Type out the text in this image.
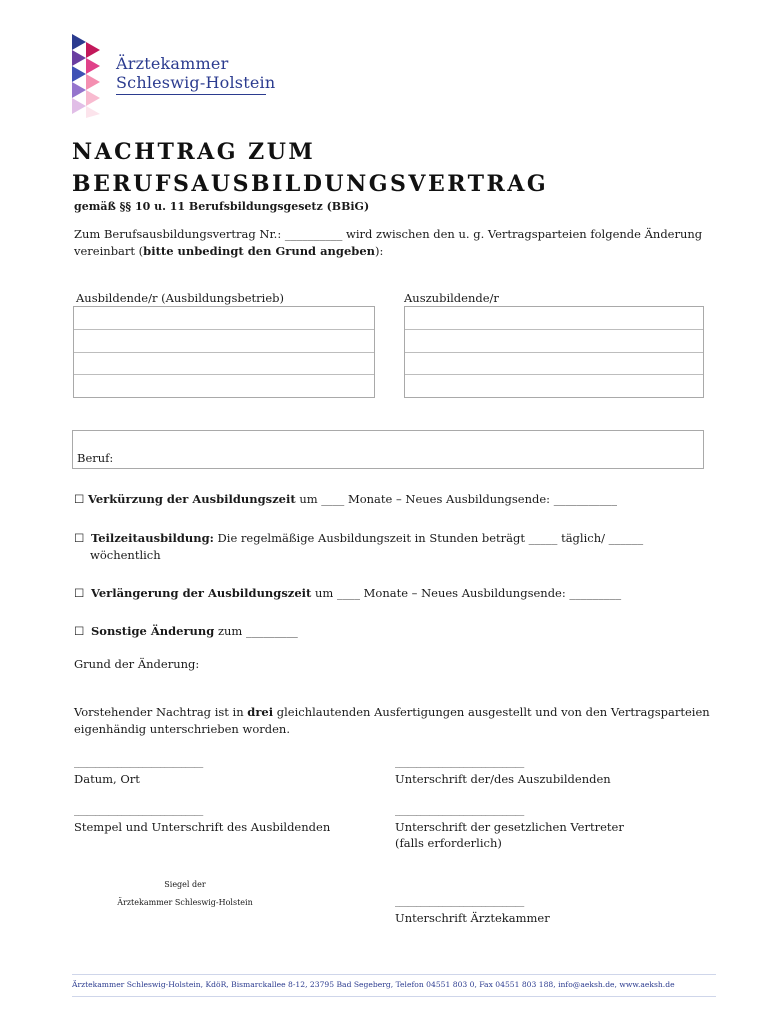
Ärztekammer
Schleswig-Holstein
NACHTRAG ZUM
BERUFSAUSBILDUNGSVERTRAG
gemäß §§ 10 u. 11 Berufsbildungsgesetz (BBiG)
Zum Berufsausbildungsvertrag Nr.: __________ wird zwischen den u. g. Vertragsparteien folgende Änderung
vereinbart (bitte unbedingt den Grund angeben):
Ausbildende/r (Ausbildungsbetrieb)	Auszubildende/r
Beruf:
☐ Verkürzung der Ausbildungszeit um ____ Monate – Neues Ausbildungsende: ___________
☐ Teilzeitausbildung: Die regelmäßige Ausbildungszeit in Stunden beträgt _____ täglich/ ______
wöchentlich
☐ Verlängerung der Ausbildungszeit um ____ Monate – Neues Ausbildungsende: _________
☐ Sonstige Änderung zum _________
Grund der Änderung:
Vorstehender Nachtrag ist in drei gleichlautenden Ausfertigungen ausgestellt und von den Vertragsparteien
eigenhändig unterschrieben worden.
______________________________
Datum, Ort
______________________________
Unterschrift der/des Auszubildenden
______________________________
Stempel und Unterschrift des Ausbildenden
______________________________
Unterschrift der gesetzlichen Vertreter
(falls erforderlich)
Siegel der
Ärztekammer Schleswig-Holstein	______________________________
Unterschrift Ärztekammer
Ärztekammer Schleswig-Holstein, KdöR, Bismarckallee 8-12, 23795 Bad Segeberg, Telefon 04551 803 0, Fax 04551 803 188, info@aeksh.de, www.aeksh.de
